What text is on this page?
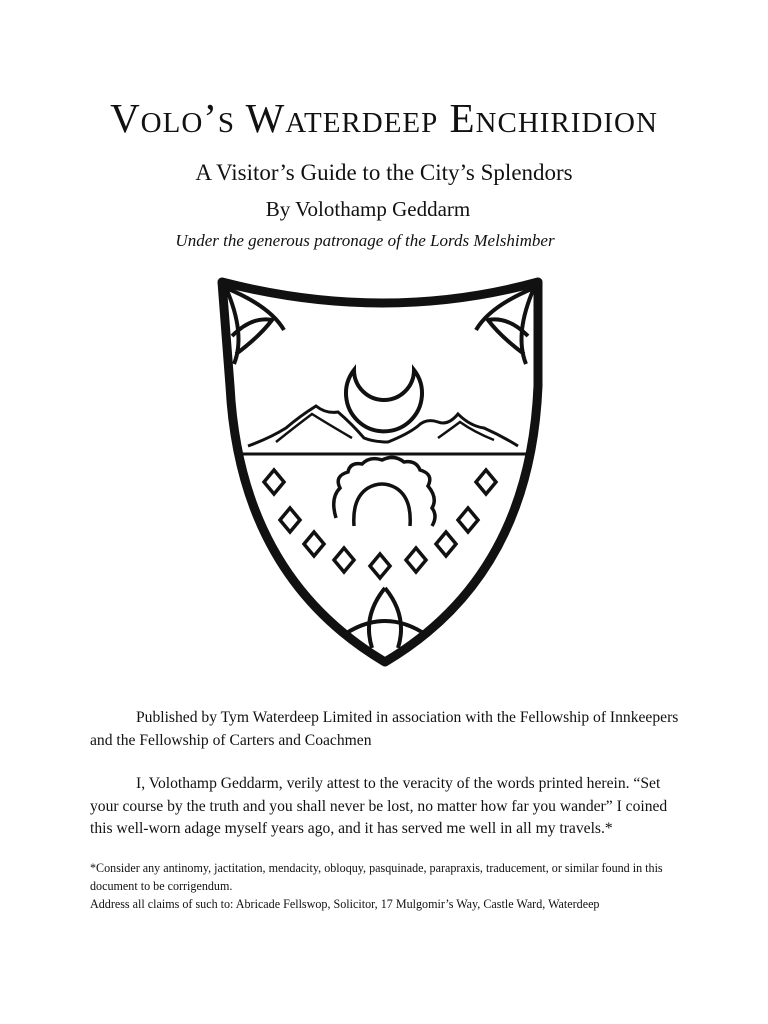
Volo’s Waterdeep Enchiridion
A Visitor’s Guide to the City’s Splendors
By Volothamp Geddarm
Under the generous patronage of the Lords Melshimber
Published by Tym Waterdeep Limited in association with the Fellowship of Innkeepers and the Fellowship of Carters and Coachmen
I, Volothamp Geddarm, verily attest to the veracity of the words printed herein. “Set your course by the truth and you shall never be lost, no matter how far you wander” I coined this well-worn adage myself years ago, and it has served me well in all my travels.*
*Consider any antinomy, jactitation, mendacity, obloquy, pasquinade, parapraxis, traducement, or similar found in this document to be corrigendum.
Address all claims of such to: Abricade Fellswop, Solicitor, 17 Mulgomir’s Way, Castle Ward, Waterdeep
